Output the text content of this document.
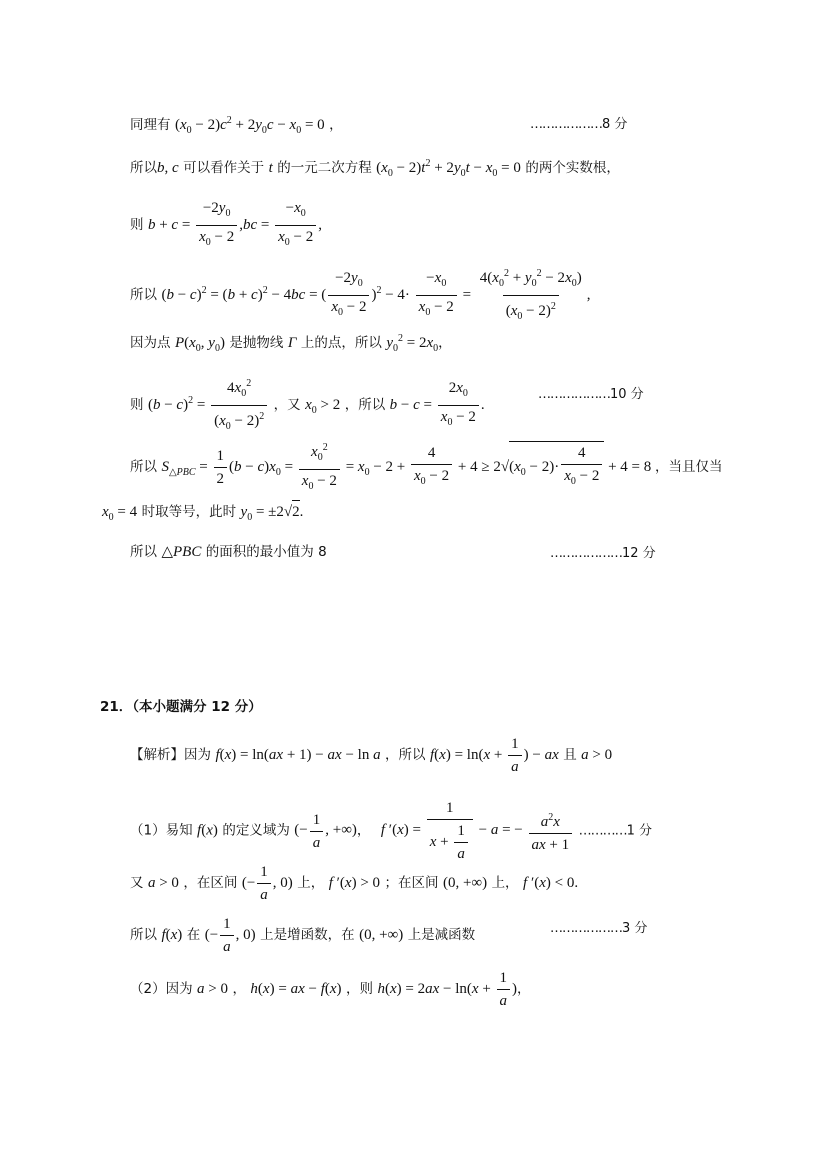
同理有 $(x_0 - 2)c^2 + 2y_0c - x_0 = 0$ ，	………………8 分
所以b, c 可以看作关于 t 的一元二次方程 $(x_0 - 2)t^2 + 2y_0t - x_0 = 0$ 的两个实数根，
则 $b + c = \frac{-2y_0}{x_0 - 2} ,bc = \frac{-x_0}{x_0 - 2}$ ,
所以 $(b - c)^2 = (b + c)^2 - 4bc$ = ( $\frac{-2y_0}{x_0 - 2} )^2 - 4\cdot \frac{-x_0}{x_0 - 2} = \frac{4(x_0^2 + y_0^2 - 2x_0)}{(x_0 - 2)^2}$ ,
因为点 $P(x_0$, $y_0$) 是抛物线 Γ 上的点，所以 $y_0^2 = 2x_0$，
则 $(b - c)^2 = \frac{4x_0^2}{(x_0 - 2)^2}$ ，又 $x_0 > 2$ ，所以 $b - c = \frac{2x_0}{x_0 - 2}$ .
………………10 分
所以 $S_{\triangle PBC} = \frac{1}{2} (b - c)x_0 = \frac{x_0^2}{x_0 - 2} = x_0 - 2 + \frac{4}{x_0 - 2} + 4 \ge 2√(x_0 - 2)\cdot \frac{4}{x_0 - 2} + 4 = 8$ ，当且仅当
$x_0 = 4$ 时取等号，此时 $y_0 = \pm 2√2$.
所以 △PBC 的面积的最小值为 8	………………12 分
21．（本小题满分 12 分）
【解析】因为 f(x) = ln(ax + 1) − ax − ln a ，所以 $f(x) = \ln(x + \frac{1}{a}$ ) − ax 且 a > 0
（1）易知 f(x) 的定义域为 (− $\frac{1}{a}$ , +∞)， f $'(x) = \frac{1}{x + \frac{1}{a}} - a$ = − $\frac{a^2x}{ax + 1}$ …………1 分
又 a > 0 ，在区间 (− $\frac{1}{a}$ , 0) 上， f ′(x) > 0 ；在区间 (0, +∞) 上， f ′(x) < 0.
所以 f(x) 在 (− $\frac{1}{a}$ , 0) 上是增函数，在 (0, +∞) 上是减函数	………………3 分
（2）因为 a > 0 ， h(x) = ax − f(x) ，则 $h(x) = 2ax - \ln(x + \frac{1}{a}$ )，
